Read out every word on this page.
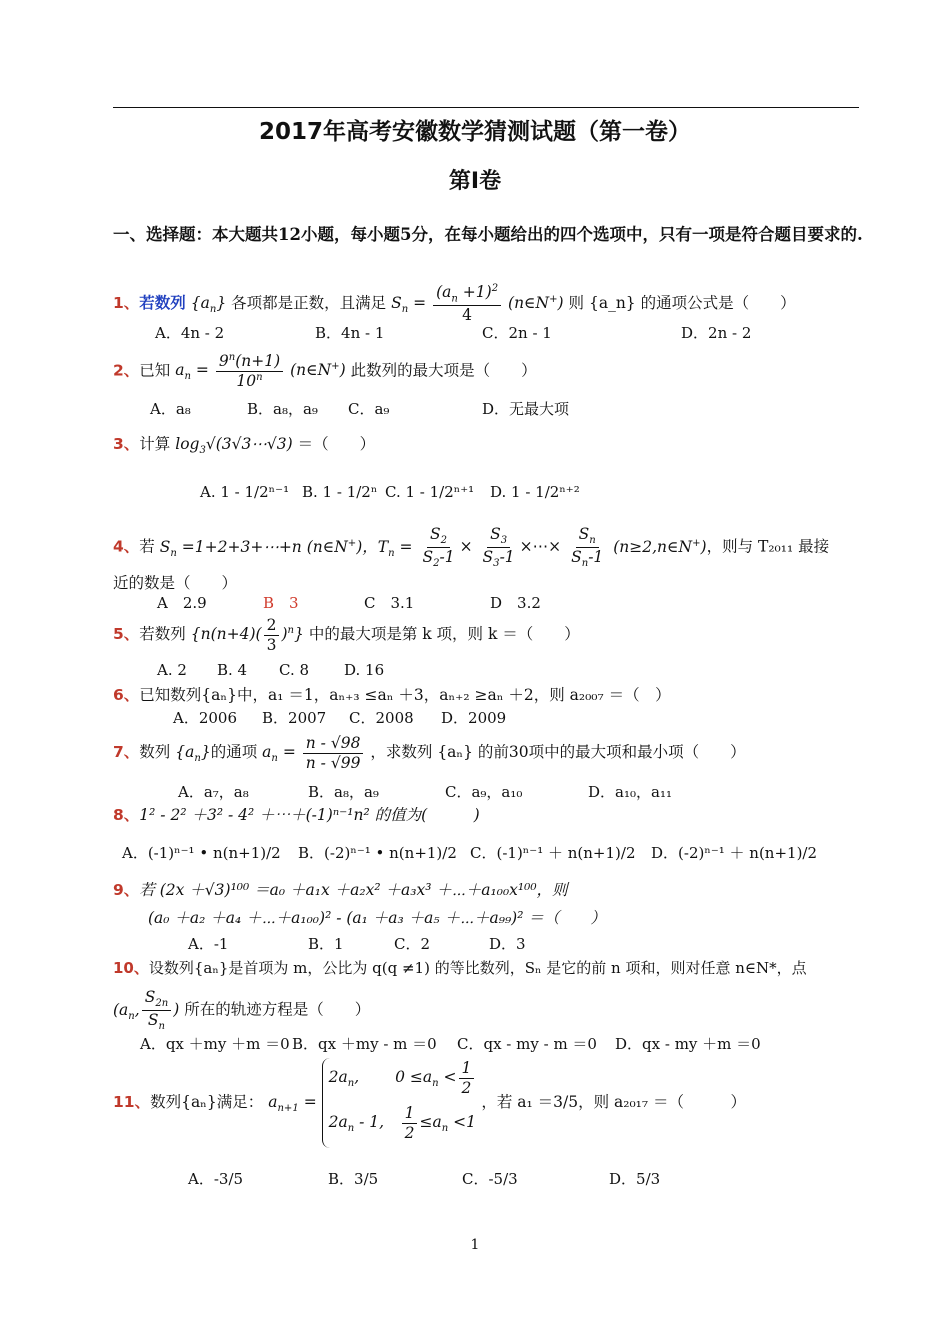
2017年高考安徽数学猜测试题（第一卷）
第Ⅰ卷
一、选择题：本大题共12小题，每小题5分，在每小题给出的四个选项中，只有一项是符合题目要求的.
1、若数列 $\{a_n\}$ 各项都是正数，且满足 $S_n = \frac{(a_n +1)^2}{4}$ (n∈N+) 则 {a_n} 的通项公式是（　　）
A．4n - 2	B．4n - 1	C．2n - 1	D．2n - 2
2、已知 $a_n = \frac{9^n(n+1)}{10^n}$ (n∈N+) 此数列的最大项是（　　）
A．a₈	B．a₈，a₉ C．a₉	D．无最大项
3、计算 $\log_3√(3√3\cdots√3)$ ＝（　　）
A. 1 - 1/2ⁿ⁻¹ B. 1 - 1/2ⁿ C. 1 - 1/2ⁿ⁺¹ D. 1 - 1/2ⁿ⁺²
4、若 $S_n$ =1+2+3+⋯+n (n∈N+)，$T_n = \frac{S_2}{S_2-1} \times \frac{S_3}{S_3-1}$ ×⋯× $\frac{S_n}{S_n-1}$ (n≥2,n∈N+)，则与 T₂₀₁₁ 最接
近的数是（　　）
A　2.9	B　3	C　3.1	D　3.2
5、若数列 $\{n(n+4)( \frac{2}{3} )^n\}$ 中的最大项是第 k 项，则 k ＝（　　）
A. 2 B. 4 C. 8 D. 16
6、已知数列{aₙ}中，a₁ ＝1，aₙ₊₃ ≤aₙ ＋3，aₙ₊₂ ≥aₙ ＋2，则 a₂₀₀₇ ＝（　）
A．2006 B．2007 C．2008 D．2009
7、数列 $\{a_n\}$的通项 $a_n = \frac{n - √98}{n - √99}$ ，求数列 {aₙ} 的前30项中的最大项和最小项（　　）
A．a₇，a₈	B．a₈，a₉	C．a₉，a₁₀	D．a₁₀，a₁₁
8、1² - 2² ＋3² - 4² ＋⋯＋(-1)ⁿ⁻¹n² 的值为(　　　)
A．(-1)ⁿ⁻¹ • n(n+1)/2 B．(-2)ⁿ⁻¹ • n(n+1)/2 C．(-1)ⁿ⁻¹ ＋ n(n+1)/2 D．(-2)ⁿ⁻¹ ＋ n(n+1)/2
9、若 (2x ＋√3)¹⁰⁰ ＝a₀ ＋a₁x ＋a₂x² ＋a₃x³ ＋⋯＋a₁₀₀x¹⁰⁰，则
(a₀ ＋a₂ ＋a₄ ＋⋯＋a₁₀₀)² - (a₁ ＋a₃ ＋a₅ ＋⋯＋a₉₉)² ＝（　　）
A．-1	B．1	C．2	D．3
10、设数列{aₙ}是首项为 m，公比为 q(q ≠1) 的等比数列，Sₙ 是它的前 n 项和，则对任意 n∈N*，点
($a_n$, $\frac{S_{2n}}{S_n}$ ) 所在的轨迹方程是（　　）
A．qx ＋my ＋m ＝0 B．qx ＋my - m ＝0 C．qx - my - m ＝0 D．qx - my ＋m ＝0
11、数列{aₙ}满足： $a_{n+1}$ =
$2a_n$,　　 $0 \le a_n < \frac{1}{2}$
$2a_n - 1$,　 $\frac{1}{2} \le a_n <1$
，若 a₁ ＝3/5，则 a₂₀₁₇ ＝（　　　）
A．-3/5	B．3/5	C．-5/3	D．5/3
1
